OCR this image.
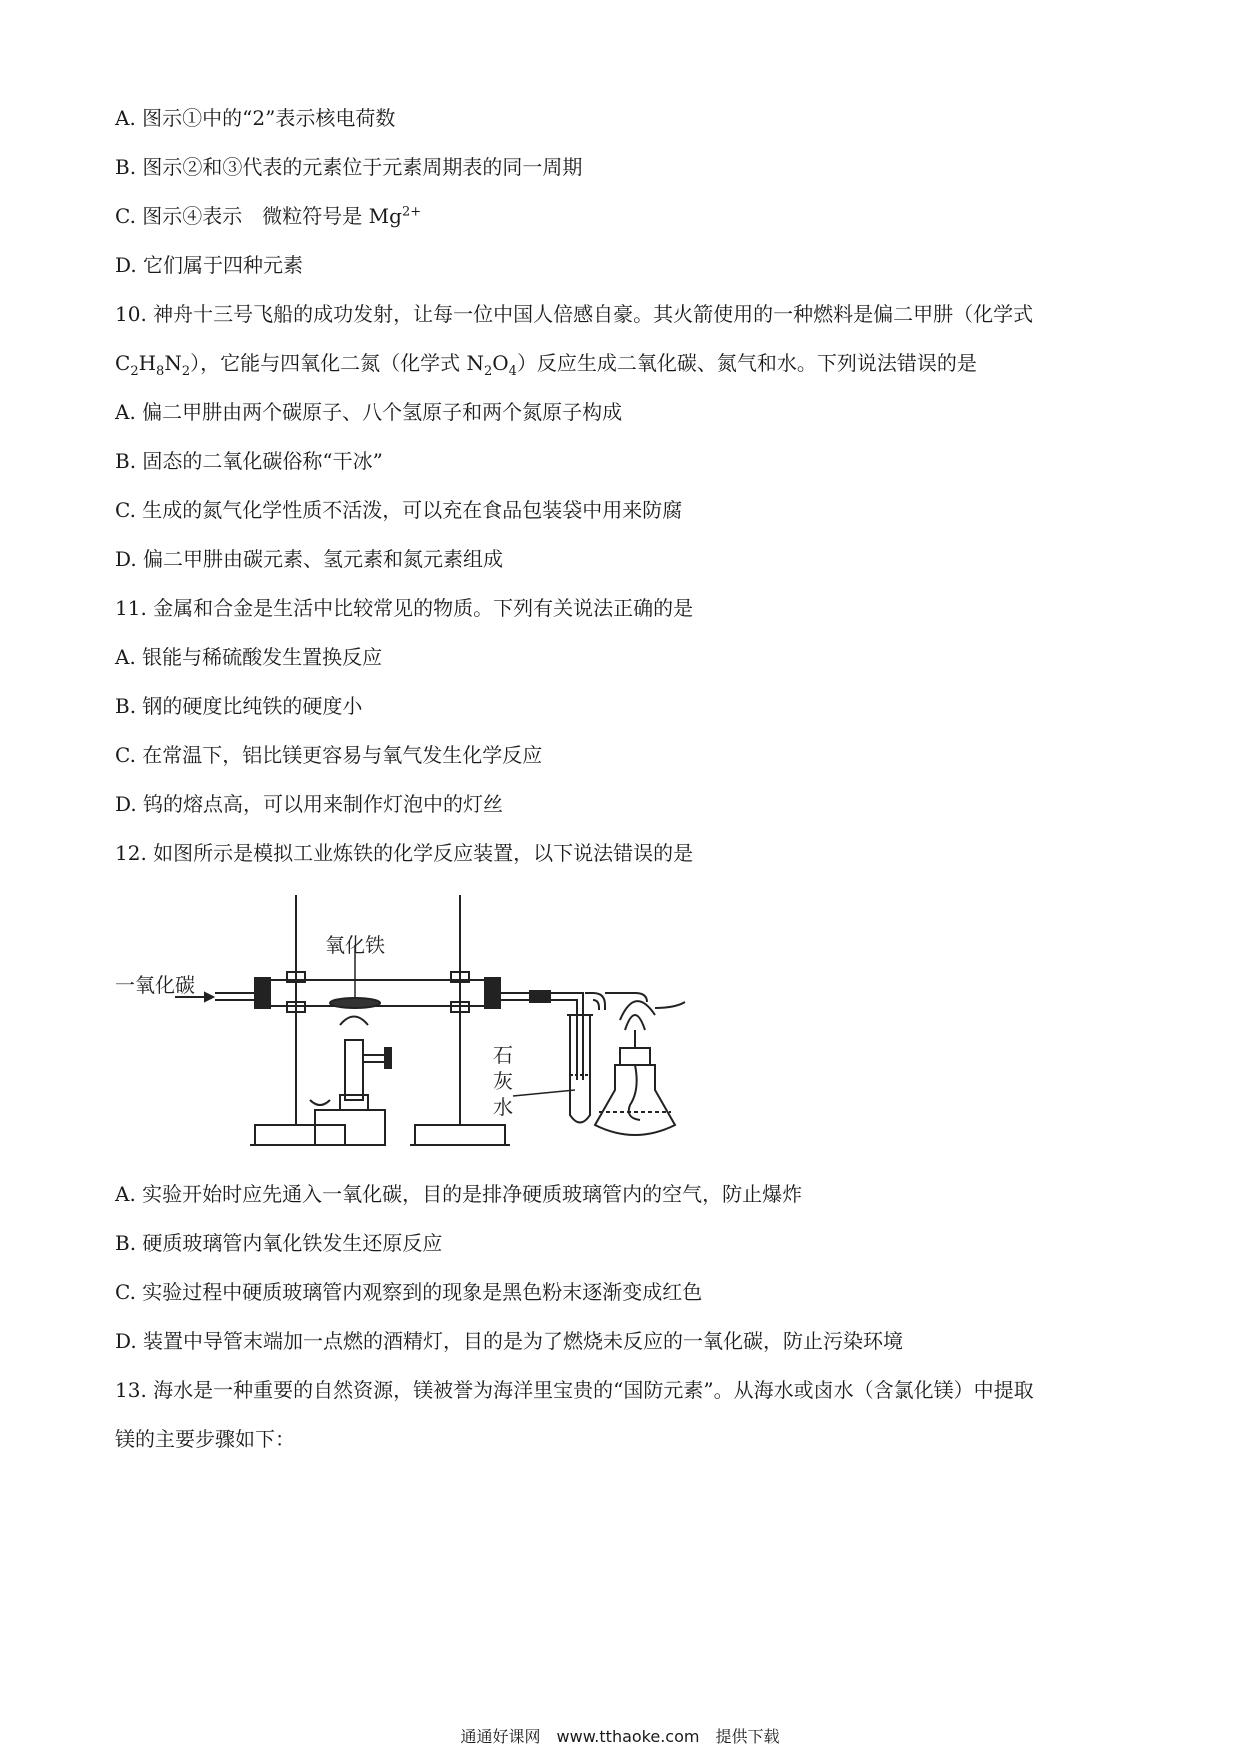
A. 图示①中的“2”表示核电荷数
B. 图示②和③代表的元素位于元素周期表的同一周期
C. 图示④表示　微粒符号是 $Mg^{2+}$
D. 它们属于四种元素
10. 神舟十三号飞船的成功发射，让每一位中国人倍感自豪。其火箭使用的一种燃料是偏二甲肼（化学式
$C_2H_8N_2$），它能与四氧化二氮（化学式 $N_2O_4$）反应生成二氧化碳、氮气和水。下列说法错误的是
A. 偏二甲肼由两个碳原子、八个氢原子和两个氮原子构成
B. 固态的二氧化碳俗称“干冰”
C. 生成的氮气化学性质不活泼，可以充在食品包装袋中用来防腐
D. 偏二甲肼由碳元素、氢元素和氮元素组成
11. 金属和合金是生活中比较常见的物质。下列有关说法正确的是
A. 银能与稀硫酸发生置换反应
B. 钢的硬度比纯铁的硬度小
C. 在常温下，铝比镁更容易与氧气发生化学反应
D. 钨的熔点高，可以用来制作灯泡中的灯丝
12. 如图所示是模拟工业炼铁的化学反应装置，以下说法错误的是
一氧化碳
氧化铁
石
灰
水
A. 实验开始时应先通入一氧化碳，目的是排净硬质玻璃管内的空气，防止爆炸
B. 硬质玻璃管内氧化铁发生还原反应
C. 实验过程中硬质玻璃管内观察到的现象是黑色粉末逐渐变成红色
D. 装置中导管末端加一点燃的酒精灯，目的是为了燃烧未反应的一氧化碳，防止污染环境
13. 海水是一种重要的自然资源，镁被誉为海洋里宝贵的“国防元素”。从海水或卤水（含氯化镁）中提取
镁的主要步骤如下：
通通好课网　www.tthaoke.com　提供下载
